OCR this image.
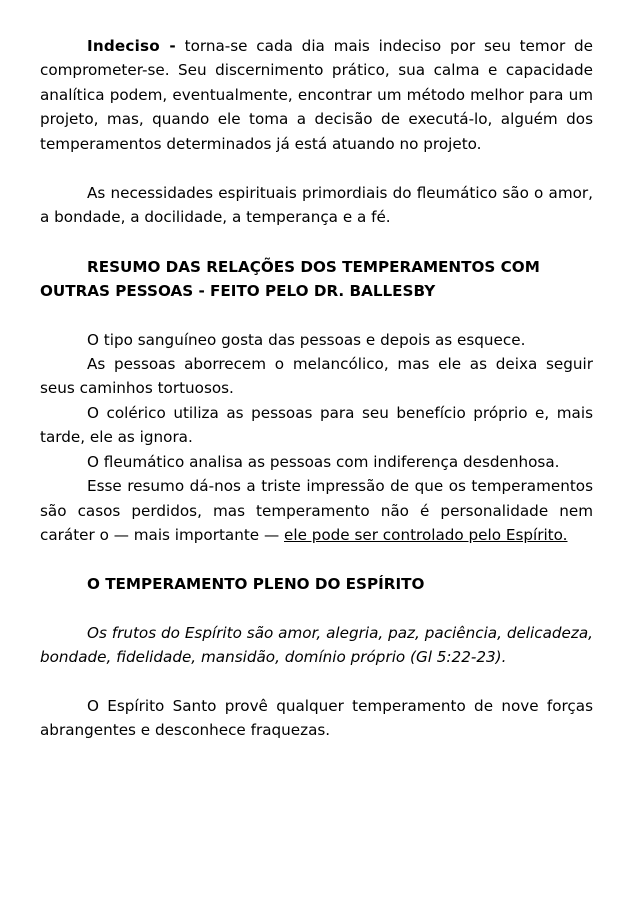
Indeciso - torna-se cada dia mais indeciso por seu temor de comprometer-se. Seu discernimento prático, sua calma e capacidade analítica podem, eventualmente, encontrar um método melhor para um projeto, mas, quando ele toma a decisão de executá-lo, alguém dos temperamentos determinados já está atuando no projeto.

As necessidades espirituais primordiais do fleumático são o amor, a bondade, a docilidade, a temperança e a fé.

RESUMO DAS RELAÇÕES DOS TEMPERAMENTOS COM OUTRAS PESSOAS - FEITO PELO DR. BALLESBY

O tipo sanguíneo gosta das pessoas e depois as esquece.

As pessoas aborrecem o melancólico, mas ele as deixa seguir seus caminhos tortuosos.

O colérico utiliza as pessoas para seu benefício próprio e, mais tarde, ele as ignora.

O fleumático analisa as pessoas com indiferença desdenhosa.

Esse resumo dá-nos a triste impressão de que os temperamentos são casos perdidos, mas temperamento não é personalidade nem caráter o — mais importante — ele pode ser controlado pelo Espírito.

O TEMPERAMENTO PLENO DO ESPÍRITO

Os frutos do Espírito são amor, alegria, paz, paciência, delicadeza, bondade, fidelidade, mansidão, domínio próprio (Gl 5:22-23).

O Espírito Santo provê qualquer temperamento de nove forças abrangentes e desconhece fraquezas.
